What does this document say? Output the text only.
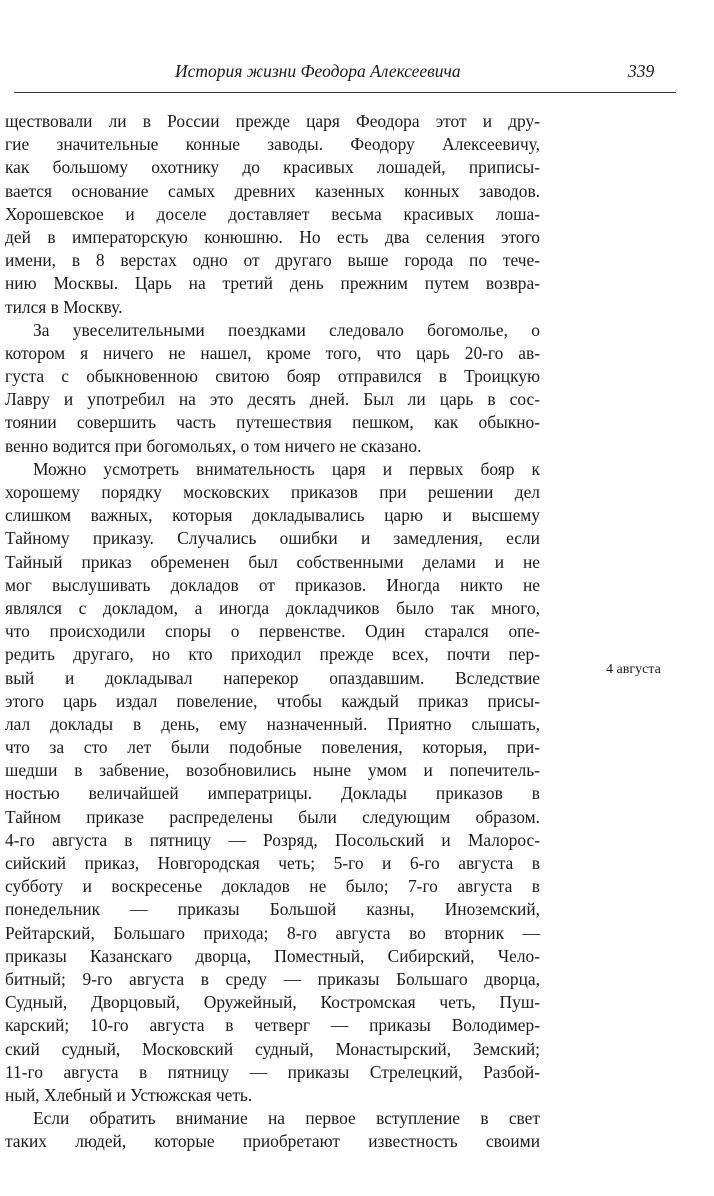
История жизни Феодора Алексеевича	339
ществовали ли в России прежде царя Феодора этот и дру-
гие значительные конные заводы. Феодору Алексеевичу,
как большому охотнику до красивых лошадей, приписы-
вается основание самых древних казенных конных заводов.
Хорошевское и доселе доставляет весьма красивых лоша-
дей в императорскую конюшню. Но есть два селения этого
имени, в 8 верстах одно от другаго выше города по тече-
нию Москвы. Царь на третий день прежним путем возвра-
тился в Москву.
За увеселительными поездками следовало богомолье, о
котором я ничего не нашел, кроме того, что царь 20-го ав-
густа с обыкновенною свитою бояр отправился в Троицкую
Лавру и употребил на это десять дней. Был ли царь в сос-
тоянии совершить часть путешествия пешком, как обыкно-
венно водится при богомольях, о том ничего не сказано.
Можно усмотреть внимательность царя и первых бояр к
хорошему порядку московских приказов при решении дел
слишком важных, которыя докладывались царю и высшему
Тайному приказу. Случались ошибки и замедления, если
Тайный приказ обременен был собственными делами и не
мог выслушивать докладов от приказов. Иногда никто не
являлся с докладом, а иногда докладчиков было так много,
что происходили споры о первенстве. Один старался опе-
редить другаго, но кто приходил прежде всех, почти пер-
вый и докладывал наперекор опаздавшим. Вследствие
этого царь издал повеление, чтобы каждый приказ присы-
лал доклады в день, ему назначенный. Приятно слышать,
что за сто лет были подобные повеления, которыя, при-
шедши в забвение, возобновились ныне умом и попечитель-
ностью величайшей императрицы. Доклады приказов в
Тайном приказе распределены были следующим образом.
4-го августа в пятницу — Розряд, Посольский и Малорос-
сийский приказ, Новгородская четь; 5-го и 6-го августа в
субботу и воскресенье докладов не было; 7-го августа в
понедельник — приказы Большой казны, Иноземский,
Рейтарский, Большаго прихода; 8-го августа во вторник —
приказы Казанскаго дворца, Поместный, Сибирский, Чело-
битный; 9-го августа в среду — приказы Большаго дворца,
Судный, Дворцовый, Оружейный, Костромская четь, Пуш-
карский; 10-го августа в четверг — приказы Володимер-
ский судный, Московский судный, Монастырский, Земский;
11-го августа в пятницу — приказы Стрелецкий, Разбой-
ный, Хлебный и Устюжская четь.
Если обратить внимание на первое вступление в свет
таких людей, которые приобретают известность своими
4 августа
